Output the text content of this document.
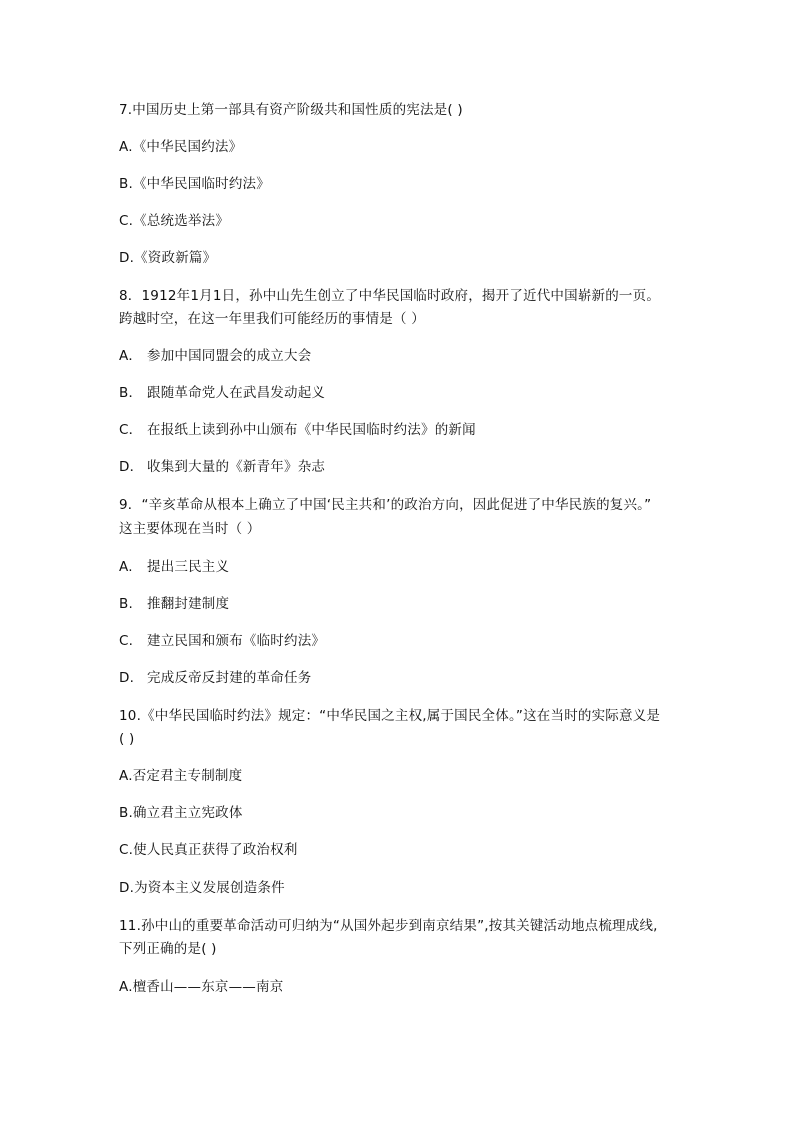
7.中国历史上第一部具有资产阶级共和国性质的宪法是( )
A.《中华民国约法》
B.《中华民国临时约法》
C.《总统选举法》
D.《资政新篇》
8．1912年1月1日，孙中山先生创立了中华民国临时政府，揭开了近代中国崭新的一页。
跨越时空，在这一年里我们可能经历的事情是（ ）
A． 参加中国同盟会的成立大会
B． 跟随革命党人在武昌发动起义
C． 在报纸上读到孙中山颁布《中华民国临时约法》的新闻
D． 收集到大量的《新青年》杂志
9．“辛亥革命从根本上确立了中国‘民主共和’的政治方向，因此促进了中华民族的复兴。”
这主要体现在当时（ ）
A. 提出三民主义
B. 推翻封建制度
C. 建立民国和颁布《临时约法》
D. 完成反帝反封建的革命任务
10.《中华民国临时约法》规定：“中华民国之主权,属于国民全体。”这在当时的实际意义是
( )
A.否定君主专制制度
B.确立君主立宪政体
C.使人民真正获得了政治权利
D.为资本主义发展创造条件
11.孙中山的重要革命活动可归纳为“从国外起步到南京结果”,按其关键活动地点梳理成线,
下列正确的是( )
A.檀香山——东京——南京
